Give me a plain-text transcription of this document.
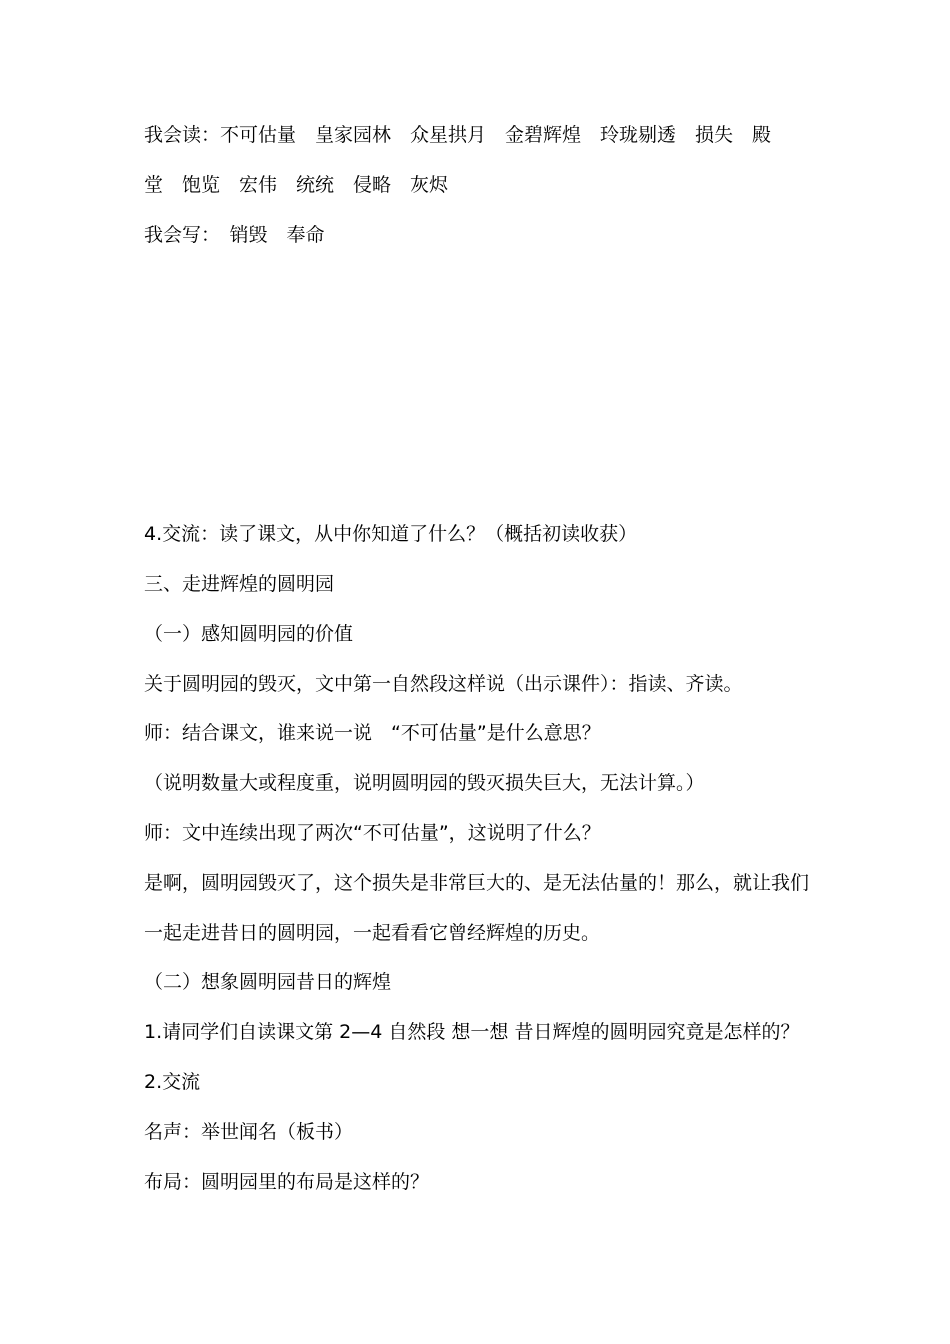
我会读：不可估量　皇家园林　众星拱月　金碧辉煌　玲珑剔透　损失　殿

堂　饱览　宏伟　统统　侵略　灰烬

我会写：　销毁　奉命

4.交流：读了课文，从中你知道了什么？（概括初读收获）

三、走进辉煌的圆明园

（一）感知圆明园的价值

关于圆明园的毁灭，文中第一自然段这样说（出示课件）：指读、齐读。

师：结合课文，谁来说一说　“不可估量”是什么意思？

（说明数量大或程度重，说明圆明园的毁灭损失巨大，无法计算。）

师：文中连续出现了两次“不可估量”，这说明了什么？

是啊，圆明园毁灭了，这个损失是非常巨大的、是无法估量的！那么，就让我们

一起走进昔日的圆明园，一起看看它曾经辉煌的历史。

（二）想象圆明园昔日的辉煌

1.请同学们自读课文第 2—4 自然段 想一想 昔日辉煌的圆明园究竟是怎样的？

2.交流

名声：举世闻名（板书）

布局：圆明园里的布局是这样的？
